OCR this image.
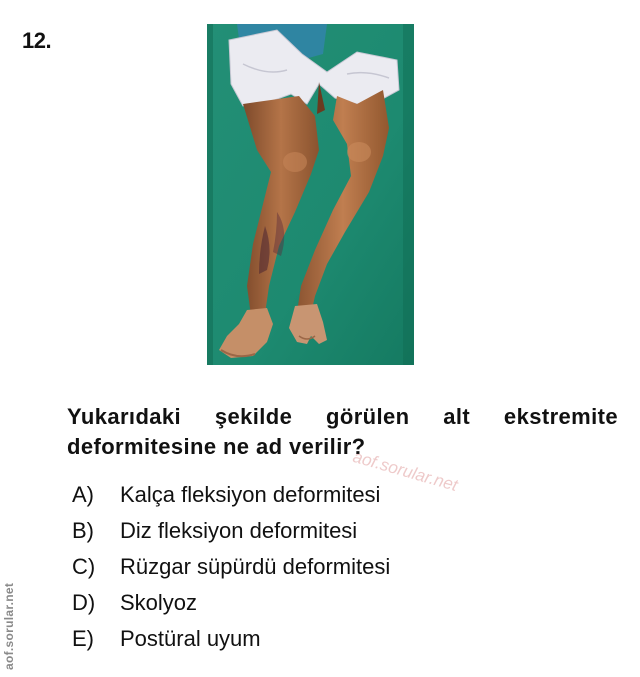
12.
Yukarıdaki şekilde görülen alt ekstremite deformitesine ne ad verilir?
aof.sorular.net
A)	Kalça fleksiyon deformitesi
B)	Diz fleksiyon deformitesi
C)	Rüzgar süpürdü deformitesi
D)	Skolyoz
E)	Postüral uyum
aof.sorular.net
